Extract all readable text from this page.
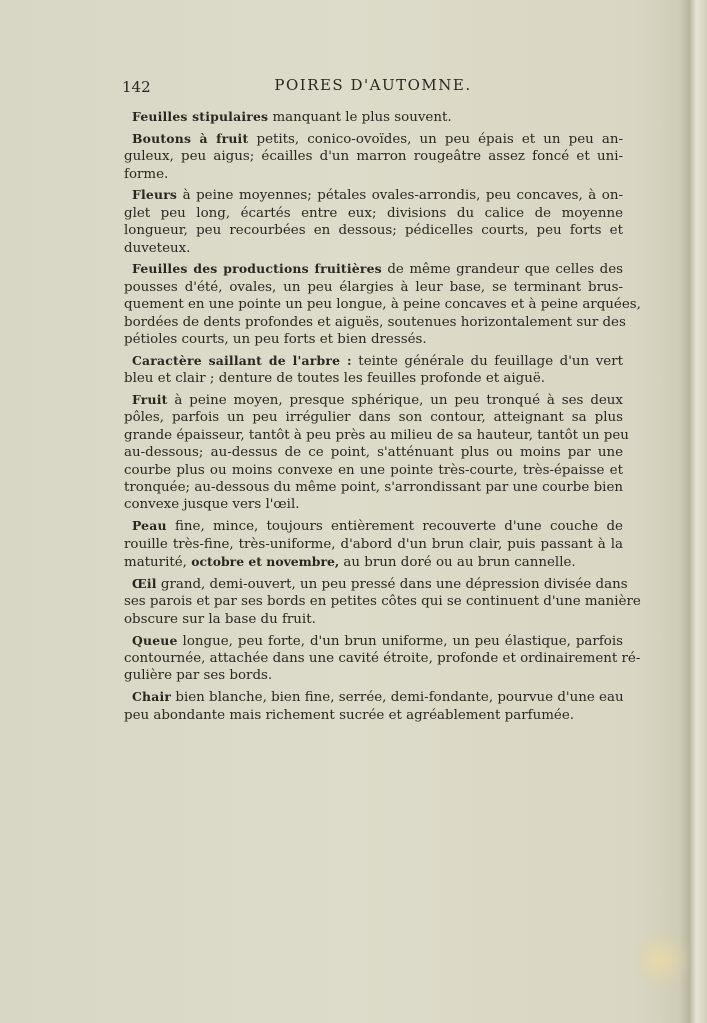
142	POIRES D'AUTOMNE.
Feuilles stipulaires manquant le plus souvent.
Boutons à fruit petits, conico-ovoïdes, un peu épais et un peu an-
guleux, peu aigus; écailles d'un marron rougeâtre assez foncé et uni-
forme.
Fleurs à peine moyennes; pétales ovales-arrondis, peu concaves, à on-
glet peu long, écartés entre eux; divisions du calice de moyenne
longueur, peu recourbées en dessous; pédicelles courts, peu forts et
duveteux.
Feuilles des productions fruitières de même grandeur que celles des
pousses d'été, ovales, un peu élargies à leur base, se terminant brus-
quement en une pointe un peu longue, à peine concaves et à peine arquées,
bordées de dents profondes et aiguës, soutenues horizontalement sur des
pétioles courts, un peu forts et bien dressés.
Caractère saillant de l'arbre : teinte générale du feuillage d'un vert
bleu et clair ; denture de toutes les feuilles profonde et aiguë.
Fruit à peine moyen, presque sphérique, un peu tronqué à ses deux
pôles, parfois un peu irrégulier dans son contour, atteignant sa plus
grande épaisseur, tantôt à peu près au milieu de sa hauteur, tantôt un peu
au-dessous; au-dessus de ce point, s'atténuant plus ou moins par une
courbe plus ou moins convexe en une pointe très-courte, très-épaisse et
tronquée; au-dessous du même point, s'arrondissant par une courbe bien
convexe jusque vers l'œil.
Peau fine, mince, toujours entièrement recouverte d'une couche de
rouille très-fine, très-uniforme, d'abord d'un brun clair, puis passant à la
maturité, octobre et novembre, au brun doré ou au brun cannelle.
Œil grand, demi-ouvert, un peu pressé dans une dépression divisée dans
ses parois et par ses bords en petites côtes qui se continuent d'une manière
obscure sur la base du fruit.
Queue longue, peu forte, d'un brun uniforme, un peu élastique, parfois
contournée, attachée dans une cavité étroite, profonde et ordinairement ré-
gulière par ses bords.
Chair bien blanche, bien fine, serrée, demi-fondante, pourvue d'une eau
peu abondante mais richement sucrée et agréablement parfumée.
